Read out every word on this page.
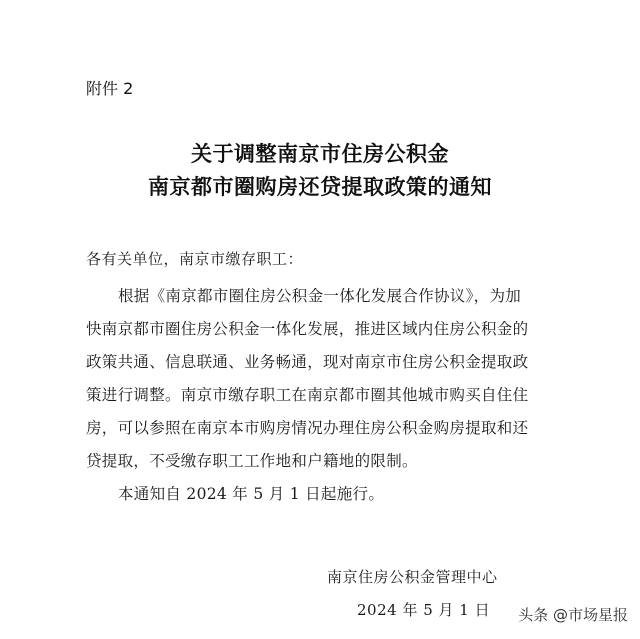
附件 2
关于调整南京市住房公积金
南京都市圈购房还贷提取政策的通知
各有关单位，南京市缴存职工：
根据《南京都市圈住房公积金一体化发展合作协议》，为加
快南京都市圈住房公积金一体化发展，推进区域内住房公积金的
政策共通、信息联通、业务畅通，现对南京市住房公积金提取政
策进行调整。南京市缴存职工在南京都市圈其他城市购买自住住
房，可以参照在南京本市购房情况办理住房公积金购房提取和还
贷提取，不受缴存职工工作地和户籍地的限制。
本通知自 2024 年 5 月 1 日起施行。
南京住房公积金管理中心
2024 年 5 月 1 日 头条 @市场星报
